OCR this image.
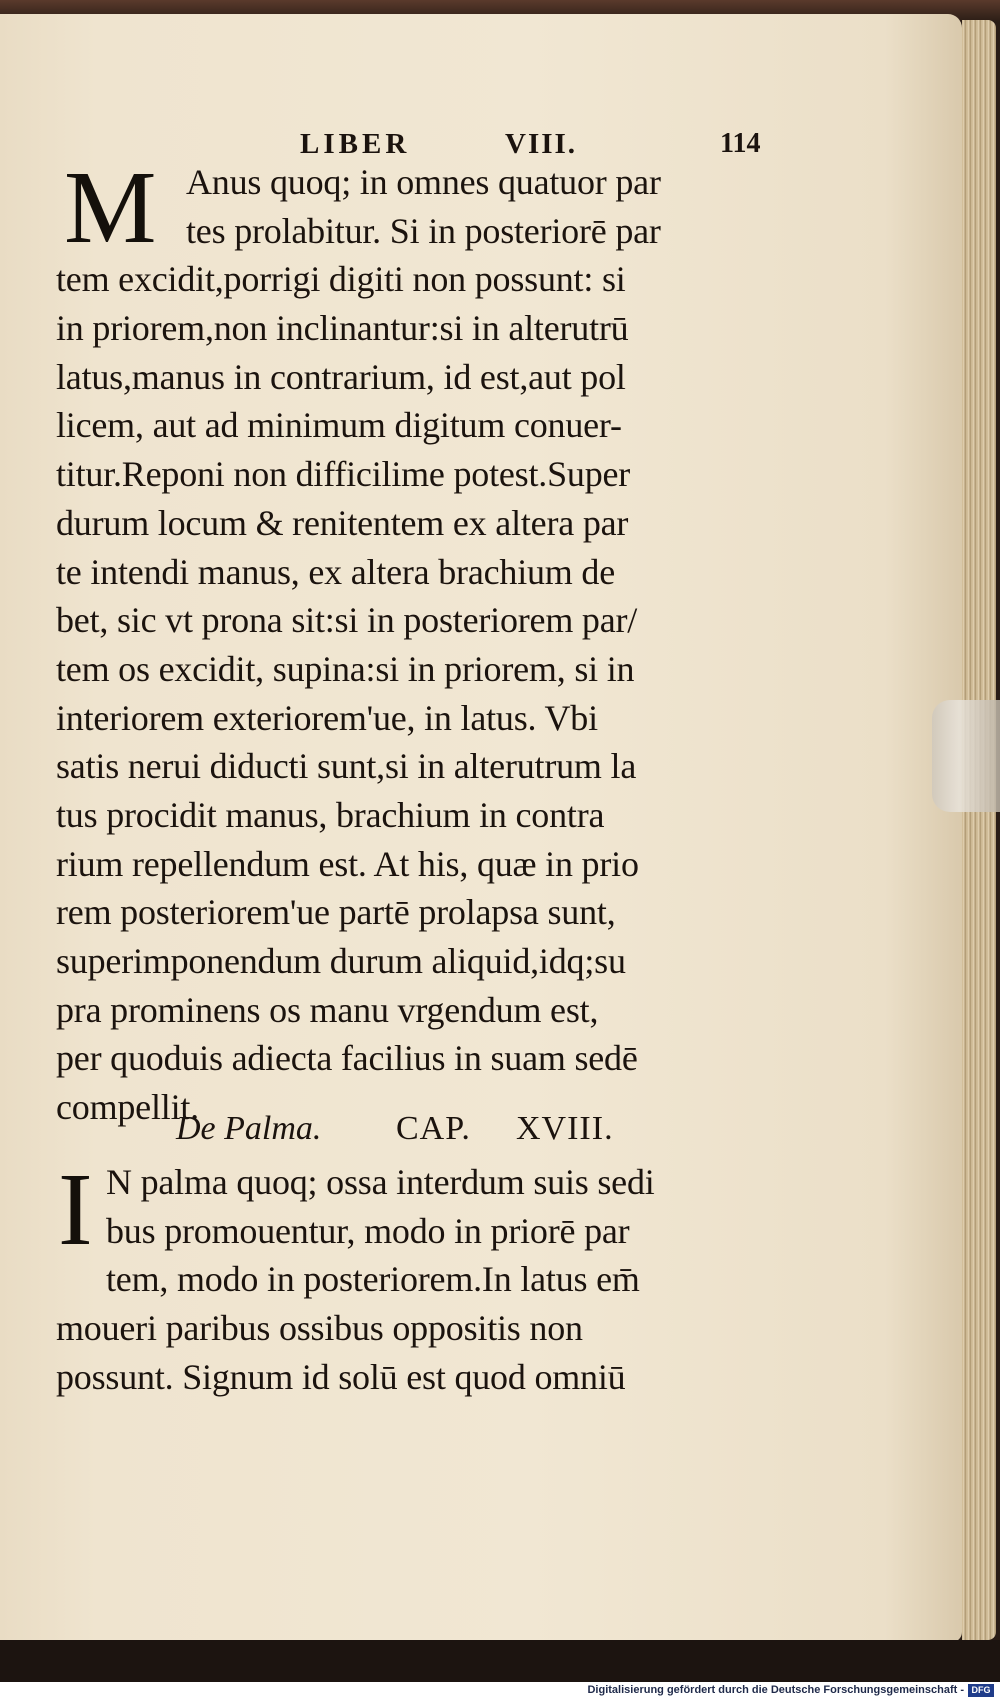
LIBER	VIII.	114
M Anus quoq; in omnes quatuor par
tes prolabitur. Si in posteriorē par
tem excidit,porrigi digiti non possunt: si
in priorem,non inclinantur:si in alterutrū
latus,manus in contrarium, id est,aut pol
licem, aut ad minimum digitum conuer-
titur.Reponi non difficilime potest.Super
durum locum & renitentem ex altera par
te intendi manus, ex altera brachium de
bet, sic vt prona sit:si in posteriorem par/
tem os excidit, supina:si in priorem, si in
interiorem exteriorem'ue, in latus. Vbi
satis nerui diducti sunt,si in alterutrum la
tus procidit manus, brachium in contra
rium repellendum est. At his, quæ in prio
rem posteriorem'ue partē prolapsa sunt,
superimponendum durum aliquid,idq;su
pra prominens os manu vrgendum est,
per quoduis adiecta facilius in suam sedē
compellit.
De Palma. CAP. XVIII.
I N palma quoq; ossa interdum suis sedi
bus promouentur, modo in priorē par
tem, modo in posteriorem.In latus em̄
moueri paribus ossibus oppositis non
possunt. Signum id solū est quod omniū
Digitalisierung gefördert durch die Deutsche Forschungsgemeinschaft - DFG
